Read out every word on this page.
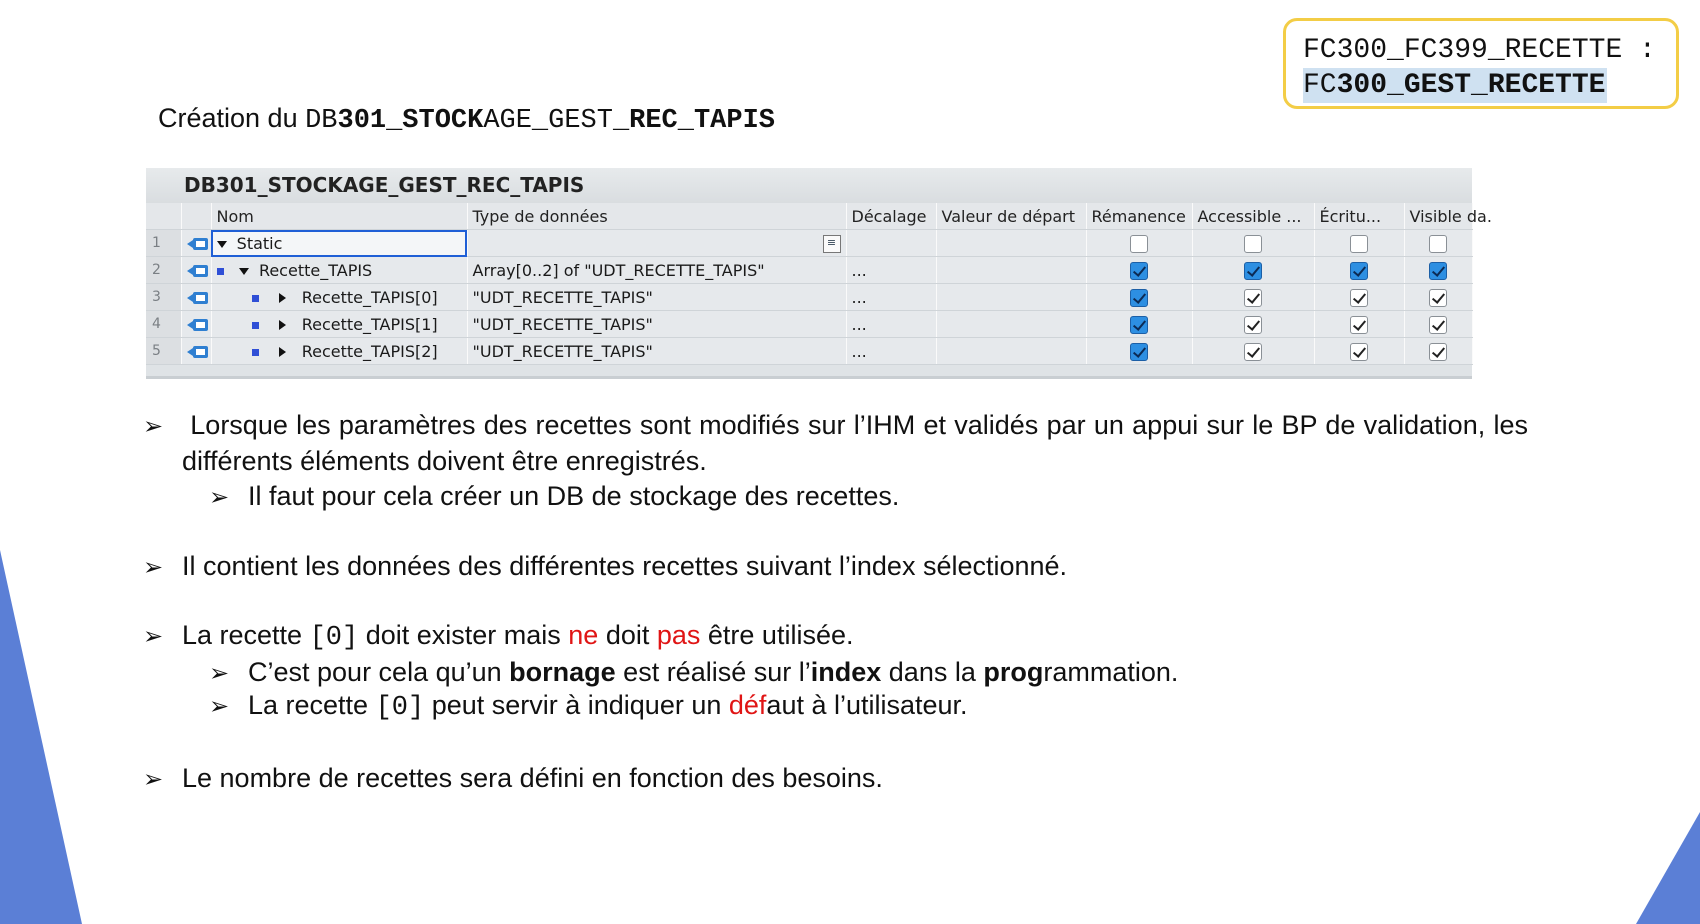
FC300_FC399_RECETTE :
FC300_GEST_RECETTE
Création du DB301_STOCKAGE_GEST_REC_TAPIS
DB301_STOCKAGE_GEST_REC_TAPIS
		Nom	Type de données	Décalage	Valeur de départ	Rémanence	Accessible ...	Écritu...	Visible da.
1		Static	≡						

2		Recette_TAPIS	Array[0..2] of "UDT_RECETTE_TAPIS"	...					
3		Recette_TAPIS[0]	"UDT_RECETTE_TAPIS"	...					
4		Recette_TAPIS[1]	"UDT_RECETTE_TAPIS"	...					
5		Recette_TAPIS[2]	"UDT_RECETTE_TAPIS"	...					
➢	Lorsque les paramètres des recettes sont modifiés sur l’IHM et validés par un appui sur le BP de validation, les différents éléments doivent être enregistrés.
➢ Il faut pour cela créer un DB de stockage des recettes.
➢ Il contient les données des différentes recettes suivant l’index sélectionné.
➢ La recette [0] doit exister mais ne doit pas être utilisée.
➢ C’est pour cela qu’un bornage est réalisé sur l’index dans la programmation.
➢ La recette [0] peut servir à indiquer un défaut à l’utilisateur.
➢ Le nombre de recettes sera défini en fonction des besoins.
